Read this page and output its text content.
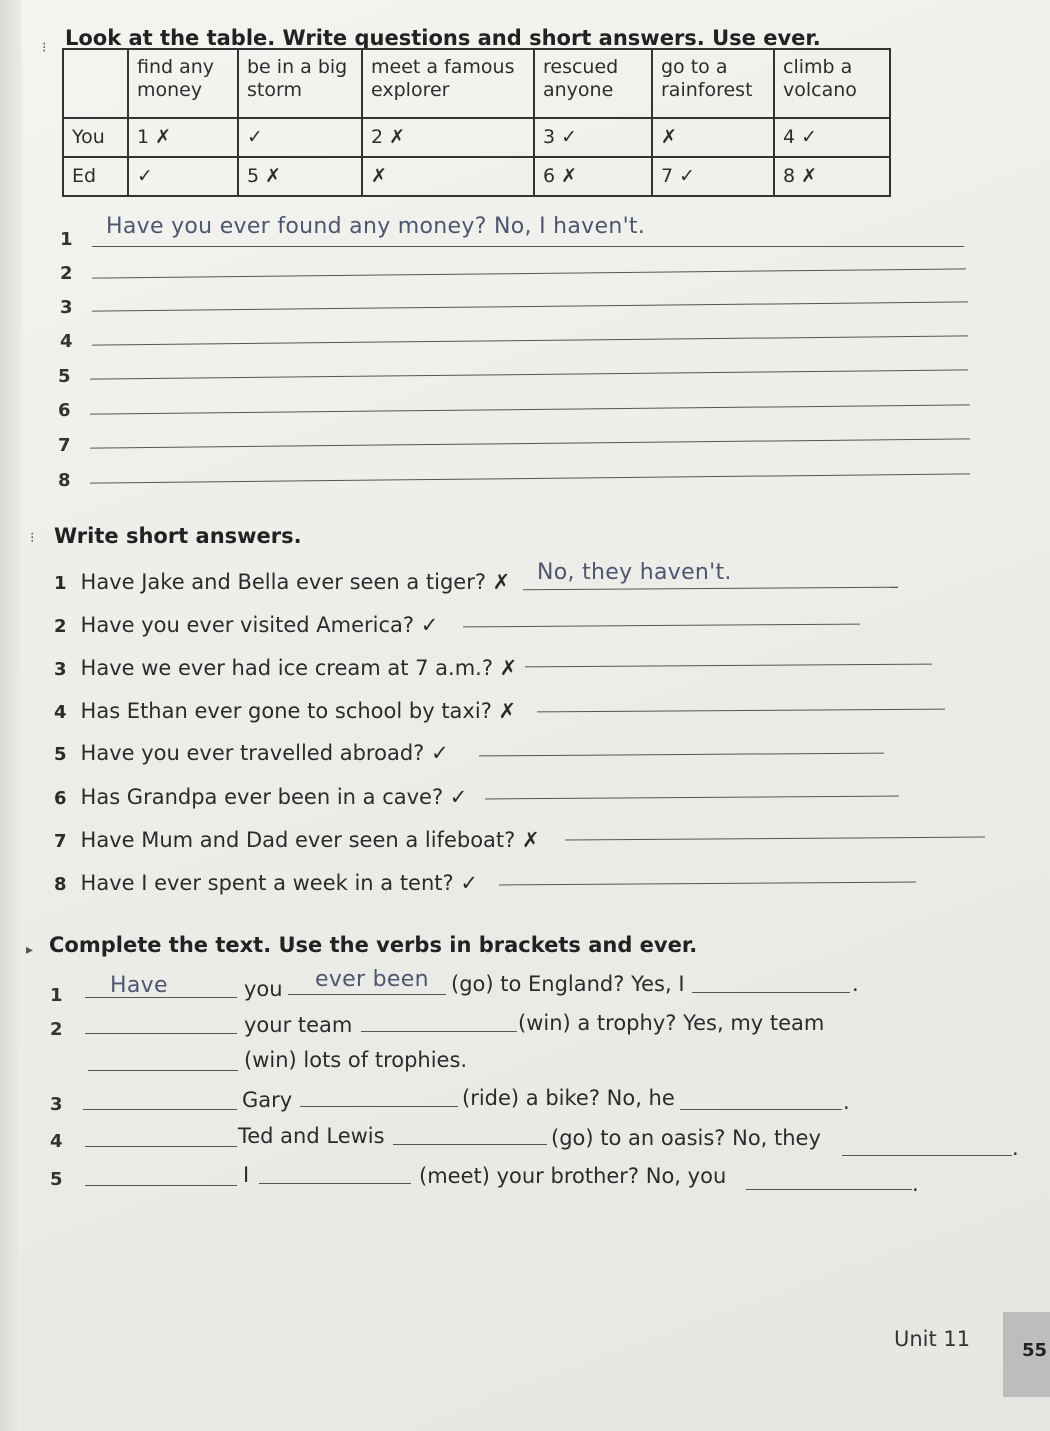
⁝ Look at the table. Write questions and short answers. Use ever.
	find any money	be in a big storm	meet a famous explorer	rescued anyone	go to a rainforest	climb a volcano
You	1 ✗	✓	2 ✗	3 ✓	✗	4 ✓
Ed	✓	5 ✗	✗	6 ✗	7 ✓	8 ✗
1
Have you ever found any money? No, I haven't.
2
3
4
5
6
7
8
⁝ Write short answers.
1 Have Jake and Bella ever seen a tiger? ✗ No, they haven't.
2 Have you ever visited America? ✓
3 Have we ever had ice cream at 7 a.m.? ✗
4 Has Ethan ever gone to school by taxi? ✗
5 Have you ever travelled abroad? ✓
6 Has Grandpa ever been in a cave? ✓
7 Have Mum and Dad ever seen a lifeboat? ✗
8 Have I ever spent a week in a tent? ✓
▸ Complete the text. Use the verbs in brackets and ever.
1 Have	you ever been (go) to England? Yes, I	.
2	your team	(win) a trophy? Yes, my team
(win) lots of trophies.
3	Gary	(ride) a bike? No, he	.
4	Ted and Lewis	(go) to an oasis? No, they	.
5	I	(meet) your brother? No, you	.
Unit 11	55
